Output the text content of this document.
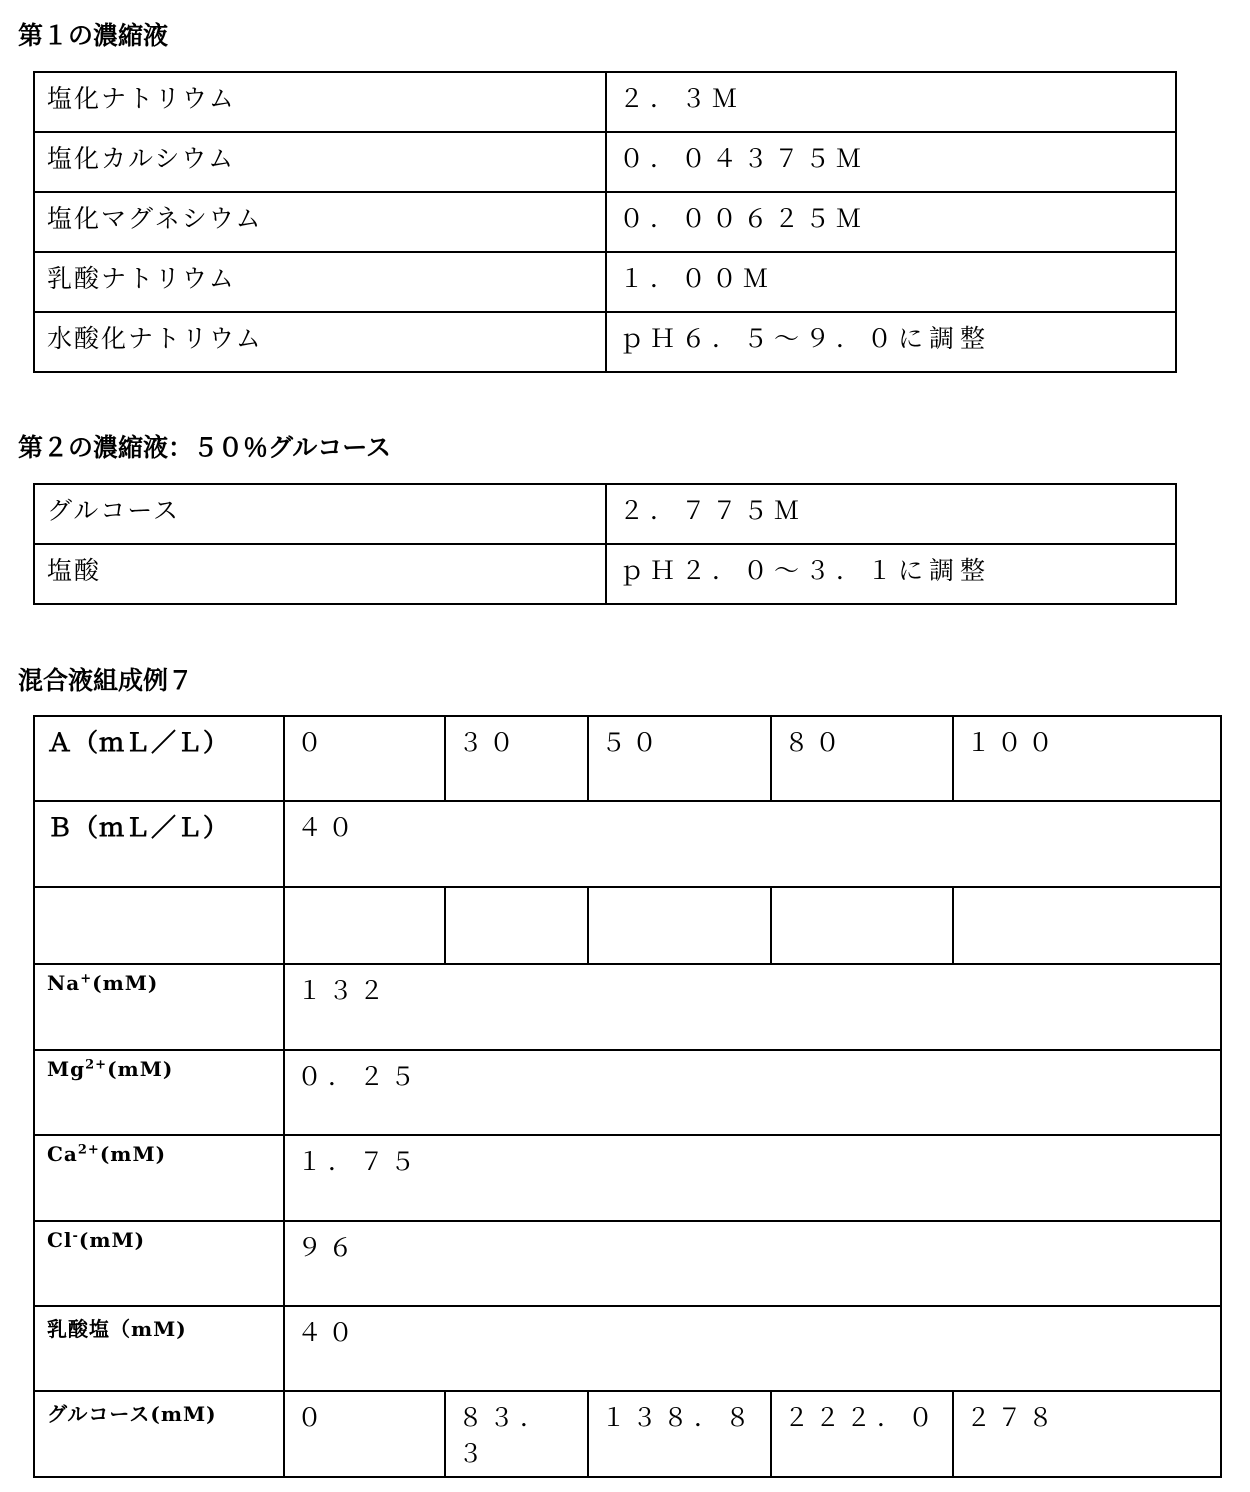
第１の濃縮液
塩化ナトリウム	２．３Ｍ
塩化カルシウム	０．０４３７５Ｍ
塩化マグネシウム	０．００６２５Ｍ
乳酸ナトリウム	１．００Ｍ
水酸化ナトリウム	ｐＨ６．５～９．０に調整
第２の濃縮液：５０％グルコース
グルコース	２．７７５Ｍ
塩酸	ｐＨ２．０～３．１に調整
混合液組成例７
Ａ（ｍＬ／Ｌ）	０	３０	５０	８０	１００
Ｂ（ｍＬ／Ｌ）	４０

Na+(mM)	１３２
Mg2+(mM)	０．２５
Ca2+(mM)	１．７５
Cl-(mM)	９６
乳酸塩（mM)	４０
グルコース(mM)	０	８３．３	１３８．８	２２２．０	２７８
